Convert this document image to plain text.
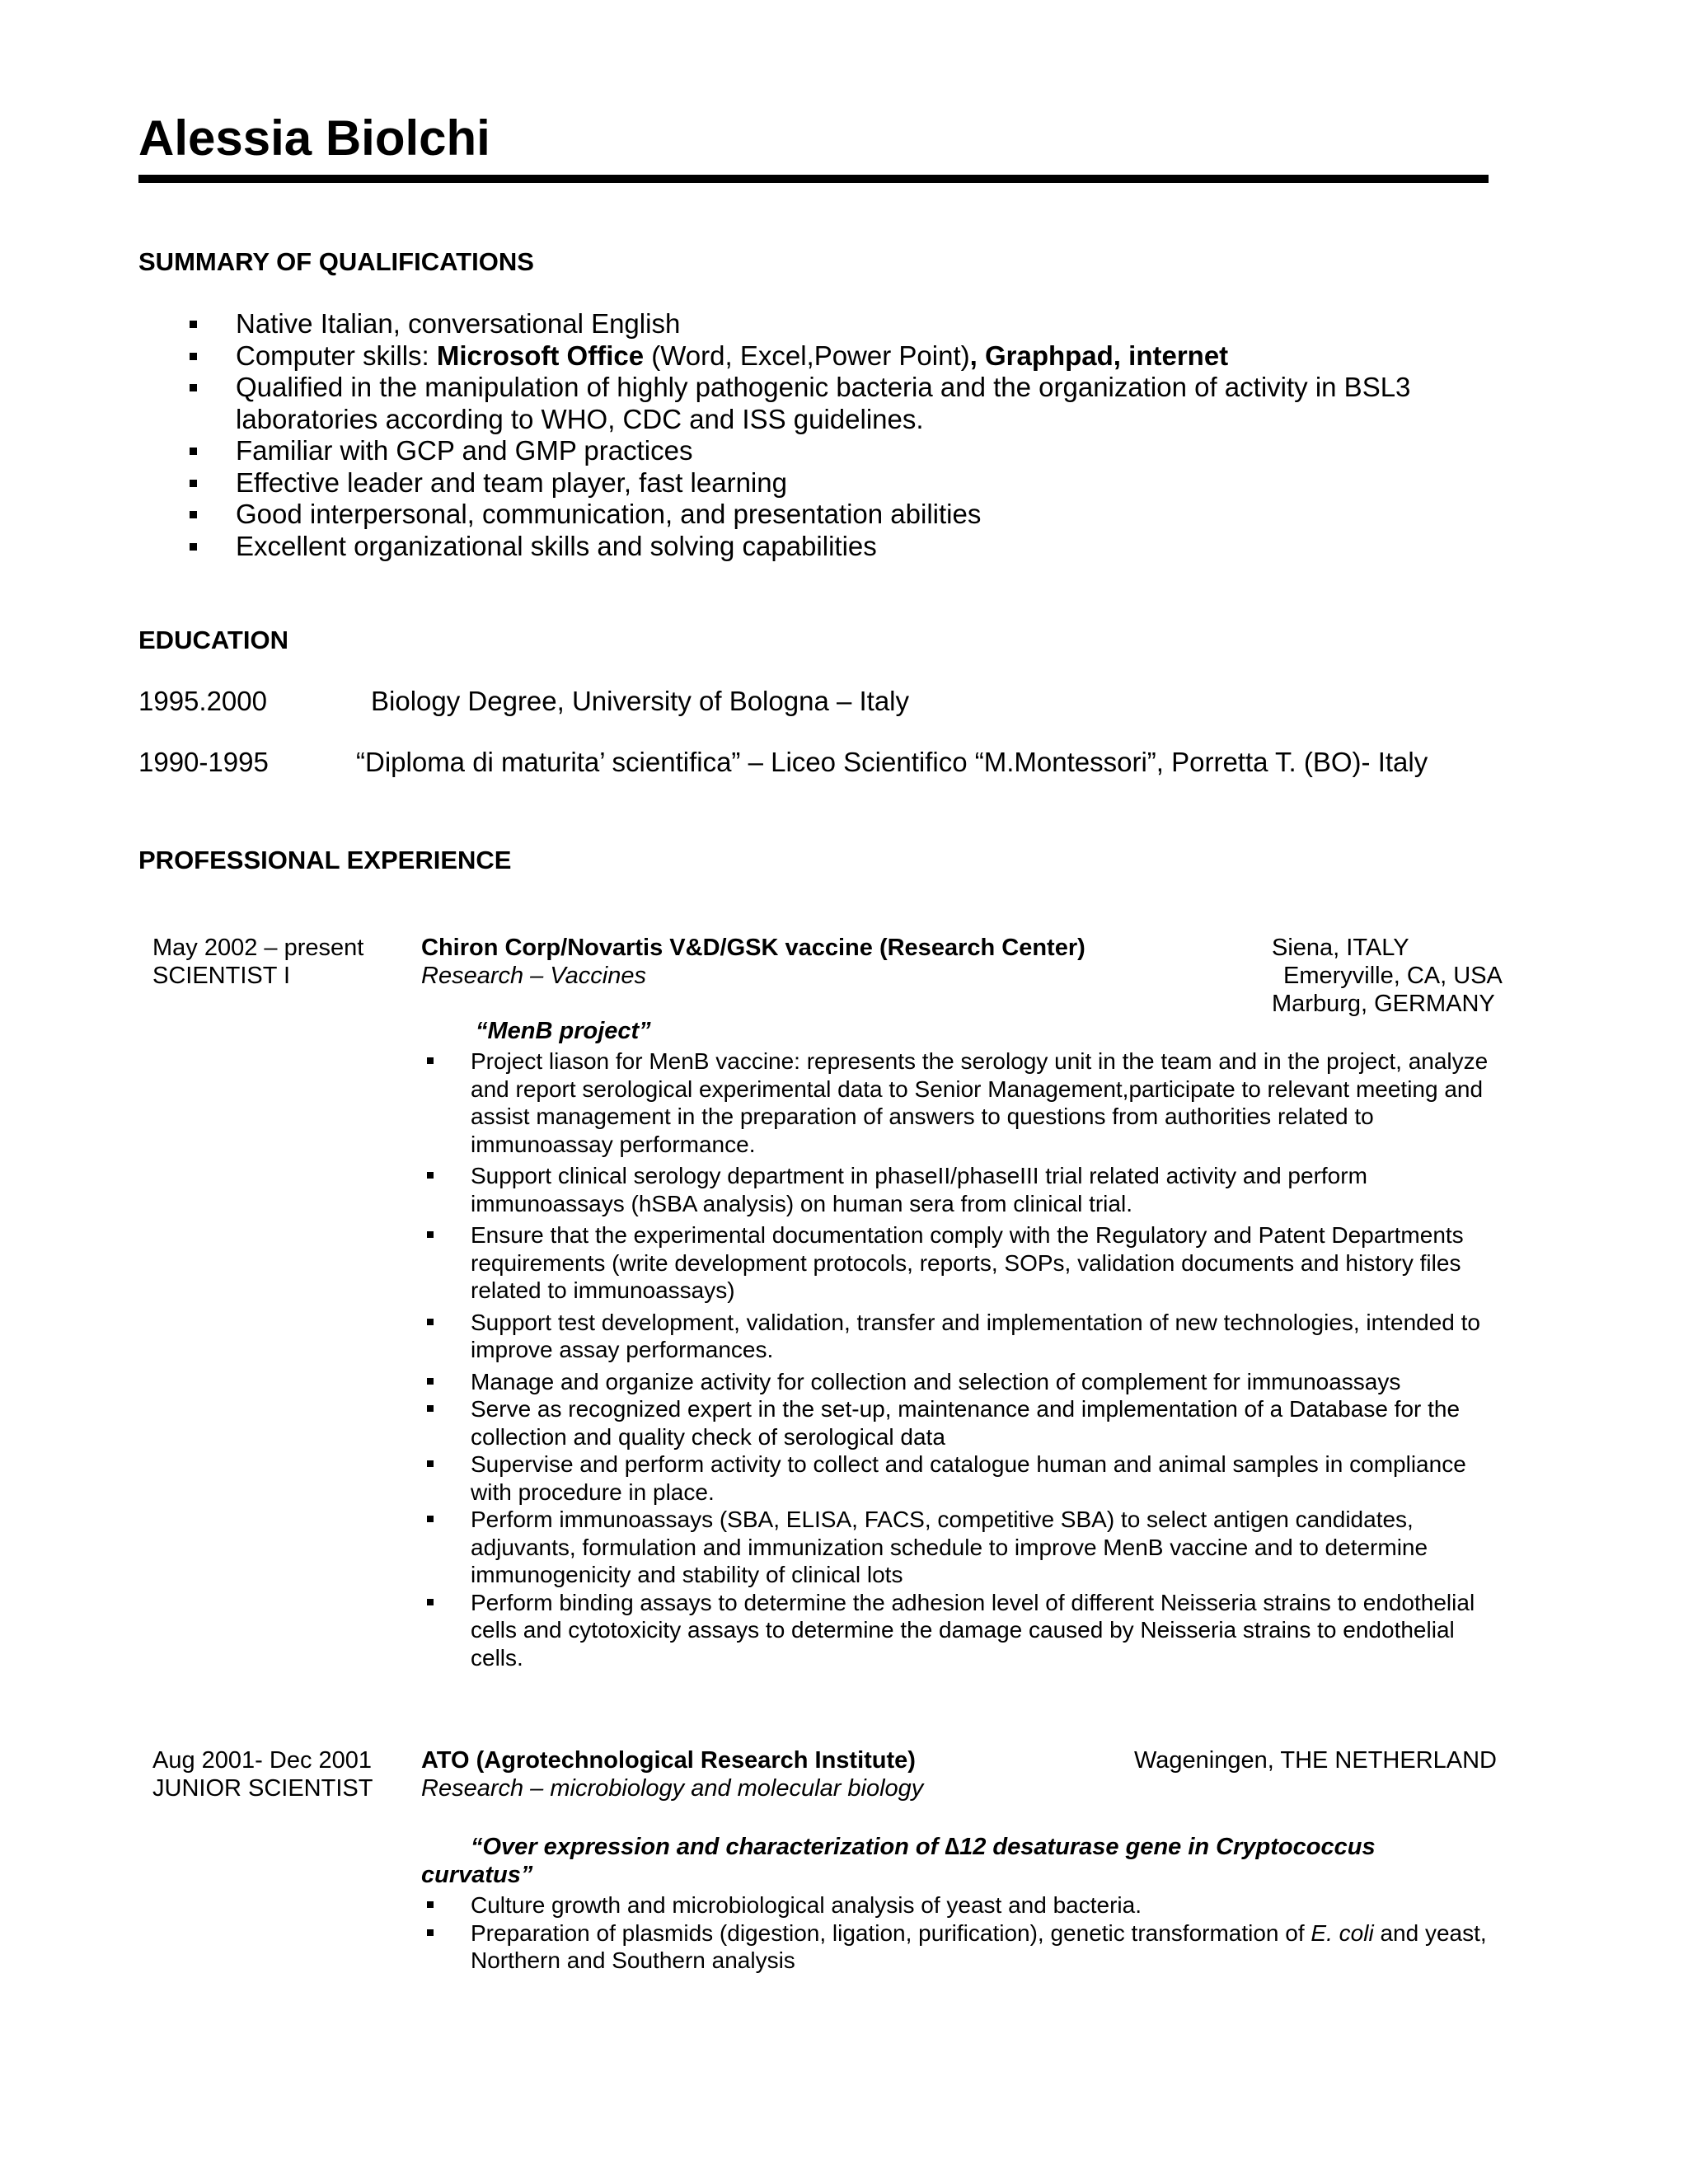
Alessia Biolchi
SUMMARY OF QUALIFICATIONS
Native Italian, conversational English
Computer skills: Microsoft Office (Word, Excel,Power Point), Graphpad, internet
Qualified in the manipulation of highly pathogenic bacteria and the organization of activity in BSL3 laboratories according to WHO, CDC and ISS guidelines.
Familiar with GCP and GMP practices
Effective leader and team player, fast learning
Good interpersonal, communication, and presentation abilities
Excellent organizational skills and solving capabilities
EDUCATION
1995.2000	Biology Degree, University of Bologna – Italy
1990-1995	“Diploma di maturita’ scientifica” – Liceo Scientifico “M.Montessori”, Porretta T. (BO)- Italy
PROFESSIONAL EXPERIENCE
May 2002 – present
SCIENTIST I
Chiron Corp/Novartis V&D/GSK vaccine (Research Center)
Research – Vaccines
Siena, ITALY
Emeryville, CA, USA
Marburg, GERMANY
“MenB project”
Project liason for MenB vaccine: represents the serology unit in the team and in the project, analyze and report serological experimental data to Senior Management,participate to relevant meeting and assist management in the preparation of answers to questions from authorities related to immunoassay performance.
Support clinical serology department in phaseII/phaseIII trial related activity and perform immunoassays (hSBA analysis) on human sera from clinical trial.
Ensure that the experimental documentation comply with the Regulatory and Patent Departments requirements (write development protocols, reports, SOPs, validation documents and history files related to immunoassays)
Support test development, validation, transfer and implementation of new technologies, intended to improve assay performances.
Manage and organize activity for collection and selection of complement for immunoassays
Serve as recognized expert in the set-up, maintenance and implementation of a Database for the collection and quality check of serological data
Supervise and perform activity to collect and catalogue human and animal samples in compliance with procedure in place.
Perform immunoassays (SBA, ELISA, FACS, competitive SBA) to select antigen candidates, adjuvants, formulation and immunization schedule to improve MenB vaccine and to determine immunogenicity and stability of clinical lots
Perform binding assays to determine the adhesion level of different Neisseria strains to endothelial cells and cytotoxicity assays to determine the damage caused by Neisseria strains to endothelial cells.
Aug 2001- Dec 2001
JUNIOR SCIENTIST
ATO (Agrotechnological Research Institute)
Research – microbiology and molecular biology
Wageningen, THE NETHERLAND
“Over expression and characterization of ∆12 desaturase gene in Cryptococcus
curvatus”
Culture growth and microbiological analysis of yeast and bacteria.
Preparation of plasmids (digestion, ligation, purification), genetic transformation of E. coli and yeast, Northern and Southern analysis
